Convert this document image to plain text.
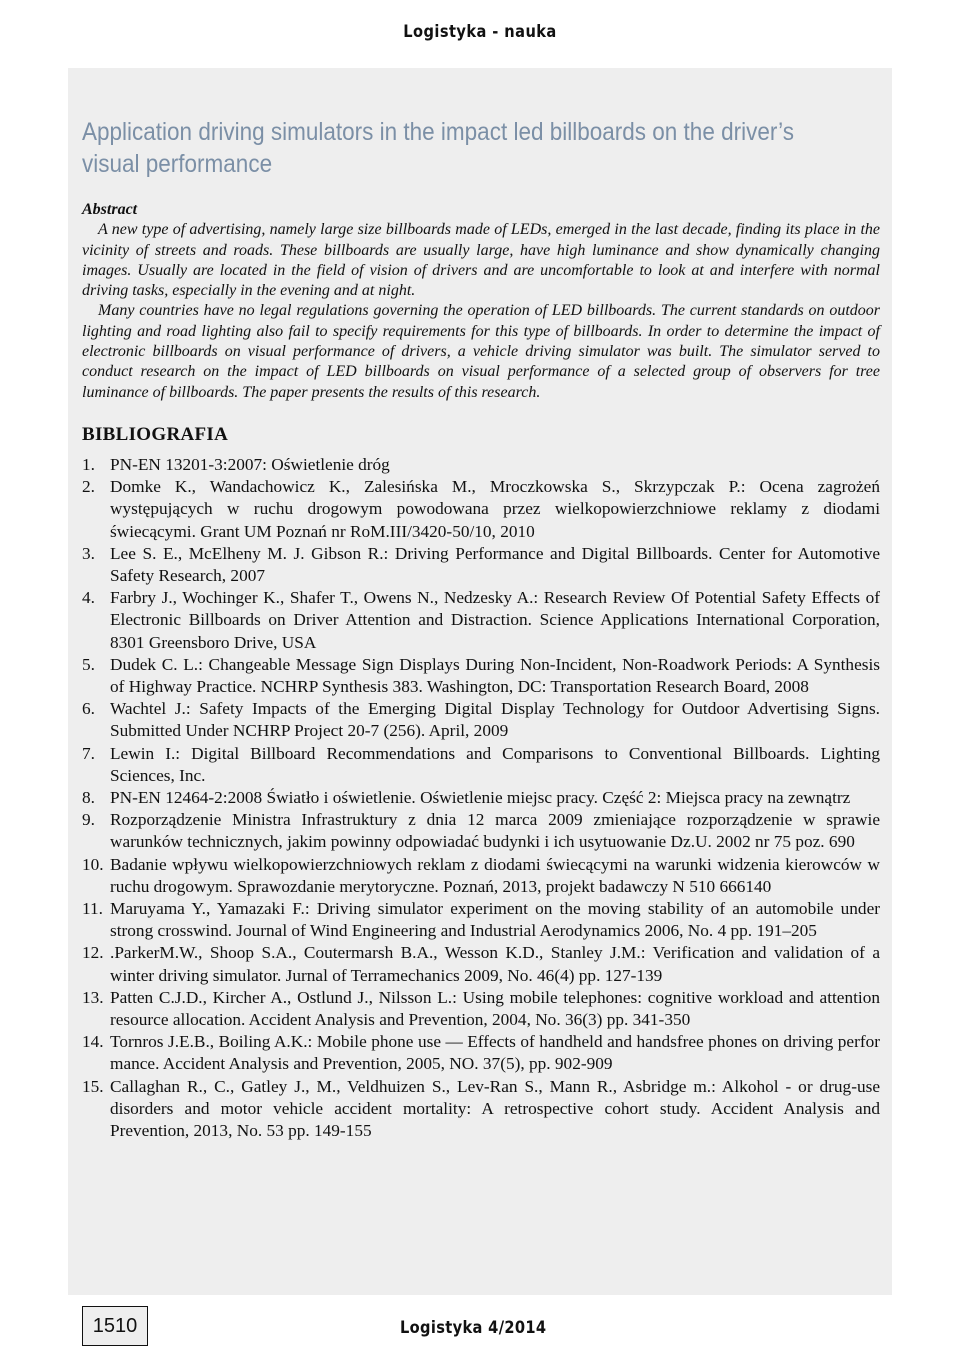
Logistyka - nauka
Application driving simulators in the impact led billboards on the driver’s visual performance
Abstract

A new type of advertising, namely large size billboards made of LEDs, emerged in the last decade, finding its place in the vicinity of streets and roads. These billboards are usually large, have high luminance and show dynamically changing images. Usually are located in the field of vision of drivers and are uncomfortable to look at and interfere with normal driving tasks, especially in the evening and at night.

Many countries have no legal regulations governing the operation of LED billboards. The current standards on outdoor lighting and road lighting also fail to specify requirements for this type of billboards. In order to determine the impact of electronic billboards on visual performance of drivers, a vehicle driving simulator was built. The simulator served to conduct research on the impact of LED billboards on visual performance of a selected group of observers for tree luminance of billboards. The paper presents the results of this research.

BIBLIOGRAFIA
1. PN-EN 13201-3:2007: Oświetlenie dróg
2. Domke K., Wandachowicz K., Zalesińska M., Mroczkowska S., Skrzypczak P.: Ocena zagrożeń występujących w ruchu drogowym powodowana przez wielkopowierzchniowe reklamy z diodami świecącymi. Grant UM Poznań nr RoM.III/3420-50/10, 2010
3. Lee S. E., McElheny M. J. Gibson R.: Driving Performance and Digital Billboards. Center for Automotive Safety Research, 2007
4. Farbry J., Wochinger K., Shafer T., Owens N., Nedzesky A.: Research Review Of Potential Safety Effects of Electronic Billboards on Driver Attention and Distraction. Science Applications International Corporation, 8301 Greensboro Drive, USA
5. Dudek C. L.: Changeable Message Sign Displays During Non-Incident, Non-Roadwork Periods: A Synthesis of Highway Practice. NCHRP Synthesis 383. Washington, DC: Transportation Research Board, 2008
6. Wachtel J.: Safety Impacts of the Emerging Digital Display Technology for Outdoor Advertising Signs. Submitted Under NCHRP Project 20-7 (256). April, 2009
7. Lewin I.: Digital Billboard Recommendations and Comparisons to Conventional Billboards. Lighting Sciences, Inc.
8. PN-EN 12464-2:2008 Światło i oświetlenie. Oświetlenie miejsc pracy. Część 2: Miejsca pracy na zewnątrz
9. Rozporządzenie Ministra Infrastruktury z dnia 12 marca 2009 zmieniające rozporządzenie w sprawie warunków technicznych, jakim powinny odpowiadać budynki i ich usytuowanie Dz.U. 2002 nr 75 poz. 690
10. Badanie wpływu wielkopowierzchniowych reklam z diodami świecącymi na warunki widzenia kierowców w ruchu drogowym. Sprawozdanie merytoryczne. Poznań, 2013, projekt badawczy N 510 666140
11. Maruyama Y., Yamazaki F.: Driving simulator experiment on the moving stability of an automobile under strong crosswind. Journal of Wind Engineering and Industrial Aerodynamics 2006, No. 4 pp. 191–205
12. .ParkerM.W., Shoop S.A., Coutermarsh B.A., Wesson K.D., Stanley J.M.: Verification and validation of a winter driving simulator. Jurnal of Terramechanics 2009, No. 46(4) pp. 127-139
13. Patten C.J.D., Kircher A., Ostlund J., Nilsson L.: Using mobile telephones: cognitive workload and attention resource allocation. Accident Analysis and Prevention, 2004, No. 36(3) pp. 341-350
14. Tornros J.E.B., Boiling A.K.: Mobile phone use — Effects of handheld and handsfree phones on driving perfor mance. Accident Analysis and Prevention, 2005, NO. 37(5), pp. 902-909
15. Callaghan R., C., Gatley J., M., Veldhuizen S., Lev-Ran S., Mann R., Asbridge m.: Alkohol - or drug-use disorders and motor vehicle accident mortality: A retrospective cohort study. Accident Analysis and Prevention, 2013, No. 53 pp. 149-155
1510	Logistyka 4/2014
